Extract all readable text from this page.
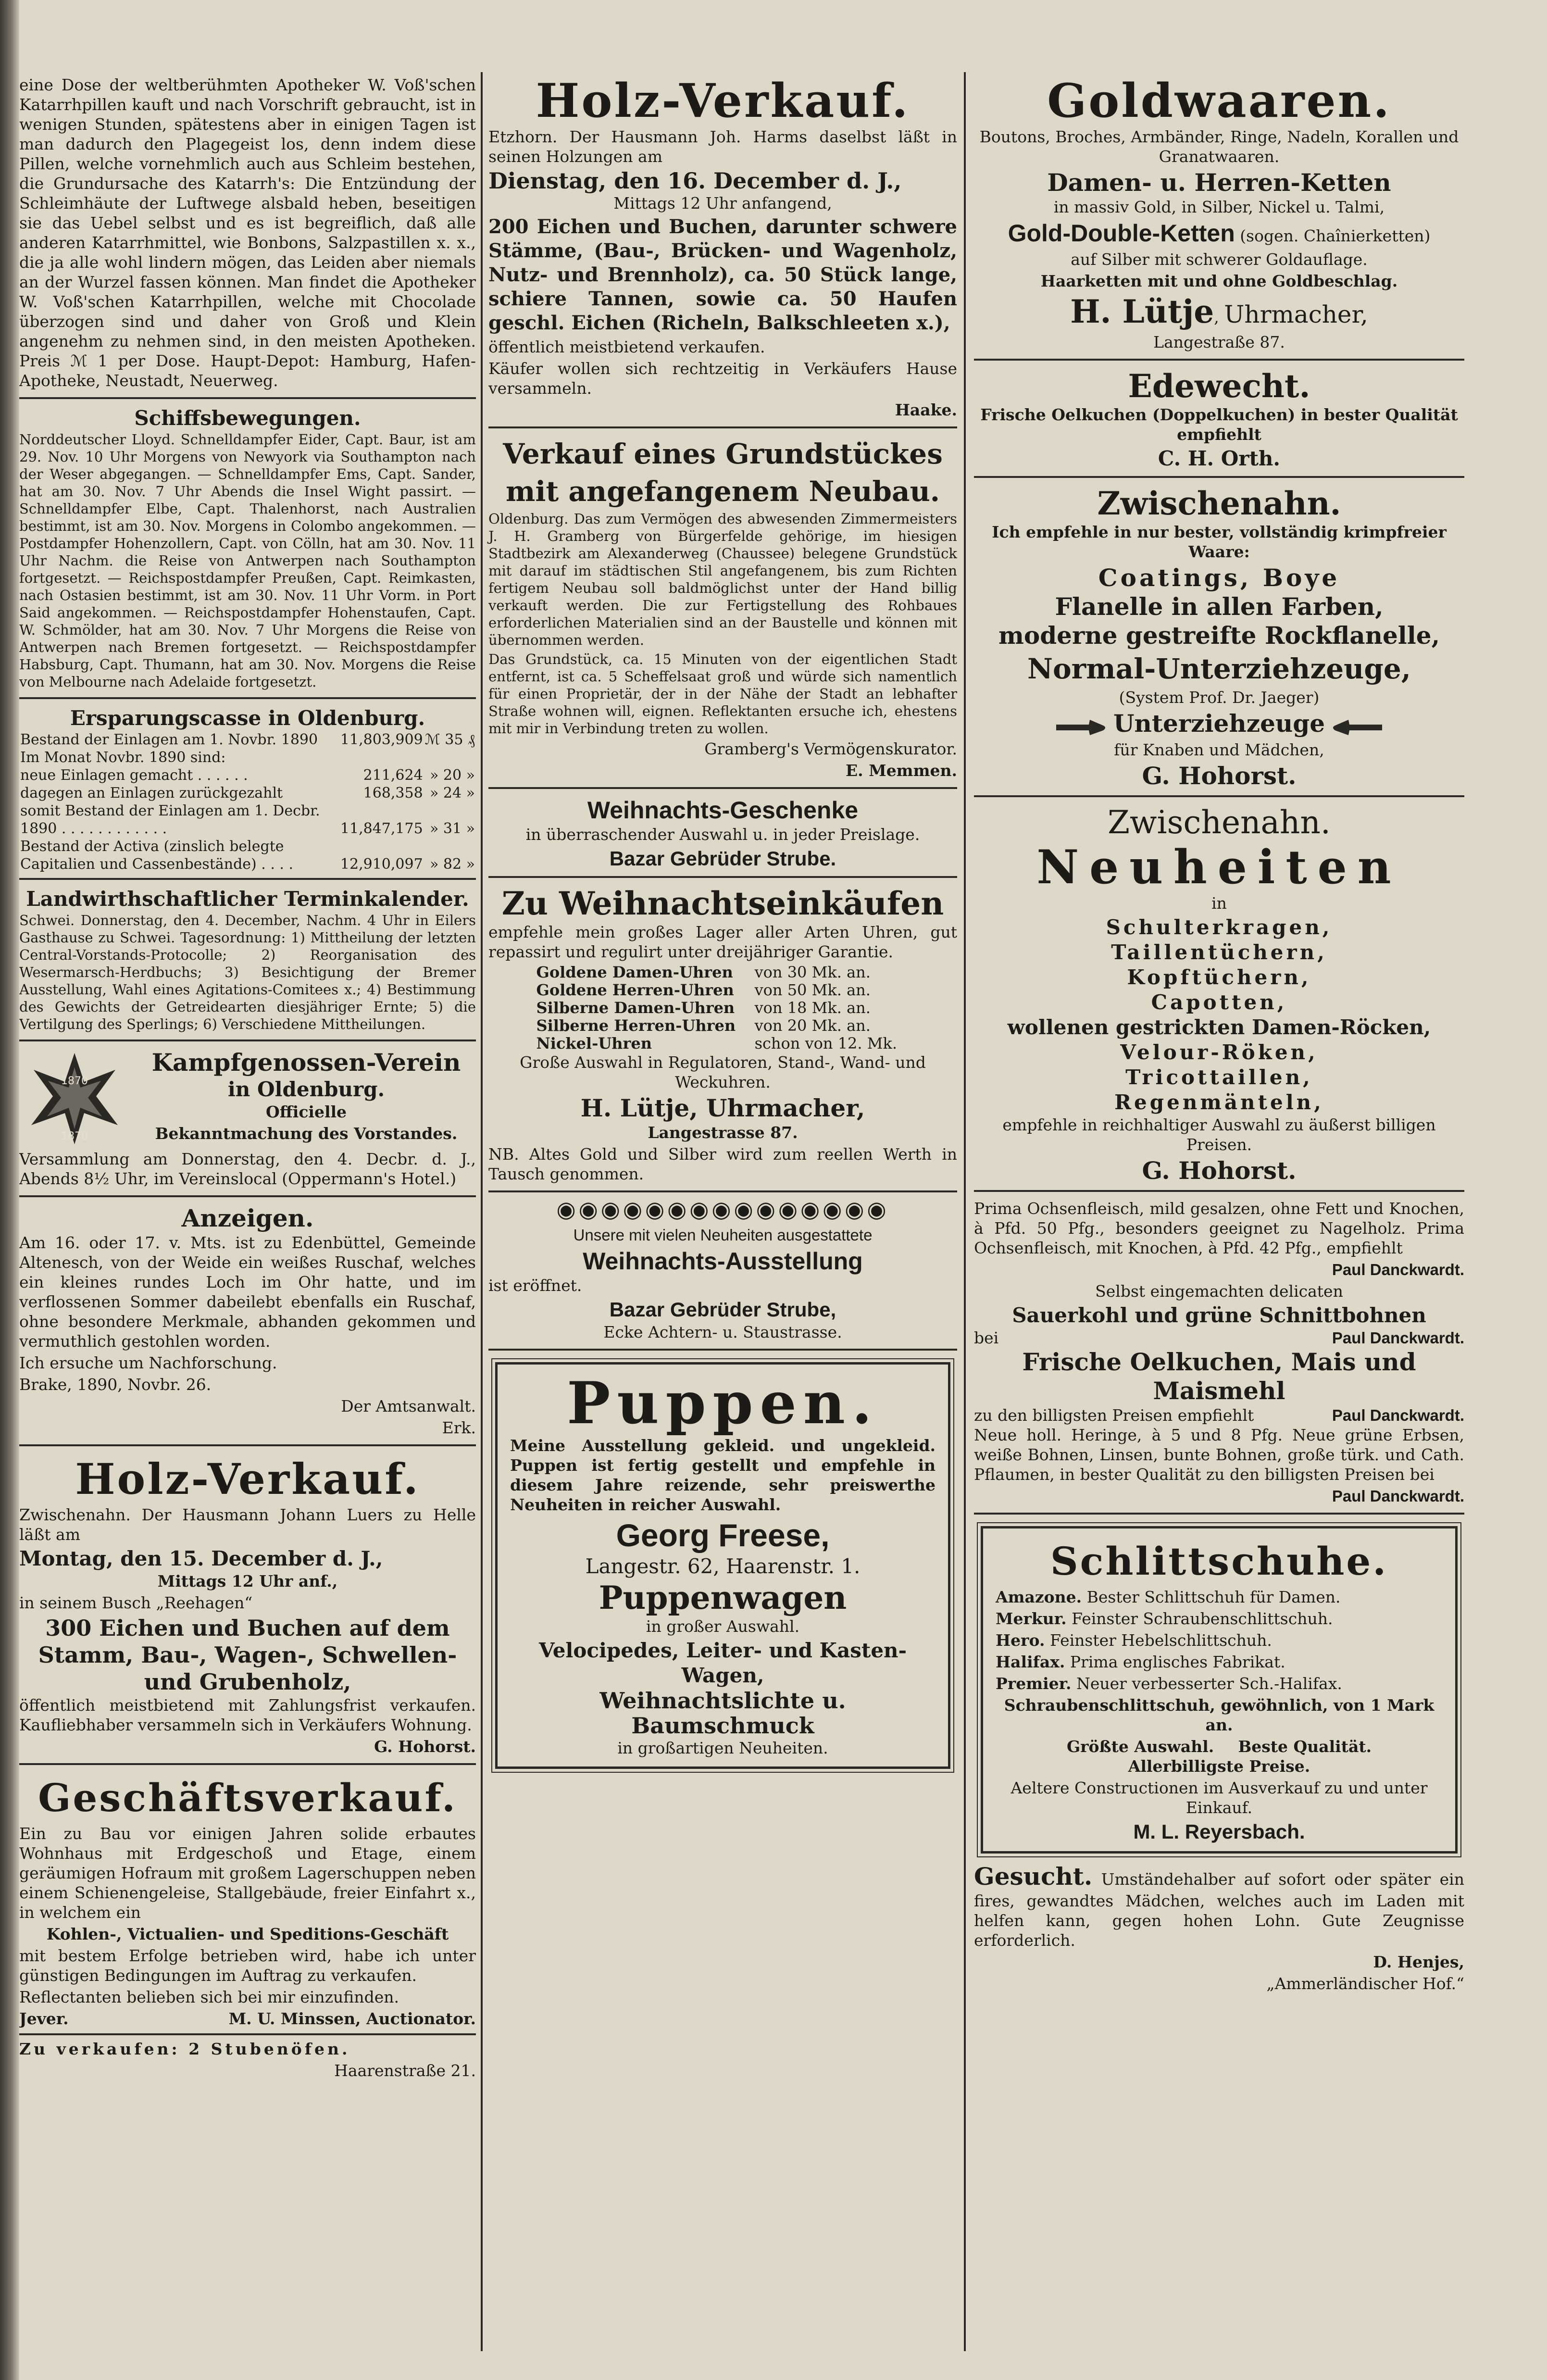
eine Dose der weltberühmten Apotheker W. Voß'schen Katarrhpillen kauft und nach Vorschrift gebraucht, ist in wenigen Stunden, spätestens aber in einigen Tagen ist man dadurch den Plagegeist los, denn indem diese Pillen, welche vornehmlich auch aus Schleim bestehen, die Grundursache des Katarrh's: Die Entzündung der Schleimhäute der Luftwege alsbald heben, beseitigen sie das Uebel selbst und es ist begreiflich, daß alle anderen Katarrhmittel, wie Bonbons, Salzpastillen x. x., die ja alle wohl lindern mögen, das Leiden aber niemals an der Wurzel fassen können. Man findet die Apotheker W. Voß'schen Katarrhpillen, welche mit Chocolade überzogen sind und daher von Groß und Klein angenehm zu nehmen sind, in den meisten Apotheken. Preis ℳ 1 per Dose. Haupt-Depot: Hamburg, Hafen-Apotheke, Neustadt, Neuerweg.

Schiffsbewegungen.

Norddeutscher Lloyd. Schnelldampfer Eider, Capt. Baur, ist am 29. Nov. 10 Uhr Morgens von Newyork via Southampton nach der Weser abgegangen. — Schnelldampfer Ems, Capt. Sander, hat am 30. Nov. 7 Uhr Abends die Insel Wight passirt. — Schnelldampfer Elbe, Capt. Thalenhorst, nach Australien bestimmt, ist am 30. Nov. Morgens in Colombo angekommen. — Postdampfer Hohenzollern, Capt. von Cölln, hat am 30. Nov. 11 Uhr Nachm. die Reise von Antwerpen nach Southampton fortgesetzt. — Reichspostdampfer Preußen, Capt. Reimkasten, nach Ostasien bestimmt, ist am 30. Nov. 11 Uhr Vorm. in Port Said angekommen. — Reichspostdampfer Hohenstaufen, Capt. W. Schmölder, hat am 30. Nov. 7 Uhr Morgens die Reise von Antwerpen nach Bremen fortgesetzt. — Reichspostdampfer Habsburg, Capt. Thumann, hat am 30. Nov. Morgens die Reise von Melbourne nach Adelaide fortgesetzt.

Ersparungscasse in Oldenburg.

Bestand der Einlagen am 1. Novbr. 1890	11,803,909	ℳ 35 ₰
Im Monat Novbr. 1890 sind:		
neue Einlagen gemacht . . . . . .	211,624	» 20 »
dagegen an Einlagen zurückgezahlt	168,358	» 24 »
somit Bestand der Einlagen am 1. Decbr. 1890 . . . . . . . . . . . .	11,847,175	» 31 »
Bestand der Activa (zinslich belegte Capitalien und Cassenbestände) . . . .	12,910,097	» 82 »

Landwirthschaftlicher Terminkalender.

Schwei. Donnerstag, den 4. December, Nachm. 4 Uhr in Eilers Gasthause zu Schwei. Tagesordnung: 1) Mittheilung der letzten Central-Vorstands-Protocolle; 2) Reorganisation des Wesermarsch-Herdbuchs; 3) Besichtigung der Bremer Ausstellung, Wahl eines Agitations-Comitees x.; 4) Bestimmung des Gewichts der Getreidearten diesjähriger Ernte; 5) die Vertilgung des Sperlings; 6) Verschiedene Mittheilungen.

1870
1870

Kampfgenossen-Verein

in Oldenburg.

Officielle

Bekanntmachung des Vorstandes.

Versammlung am Donnerstag, den 4. Decbr. d. J., Abends 8½ Uhr, im Vereinslocal (Oppermann's Hotel.)

Anzeigen.

Am 16. oder 17. v. Mts. ist zu Edenbüttel, Gemeinde Altenesch, von der Weide ein weißes Ruschaf, welches ein kleines rundes Loch im Ohr hatte, und im verflossenen Sommer dabeilebt ebenfalls ein Ruschaf, ohne besondere Merkmale, abhanden gekommen und vermuthlich gestohlen worden.

Ich ersuche um Nachforschung.

Brake, 1890, Novbr. 26.

Der Amtsanwalt.

Erk.

Holz-Verkauf.

Zwischenahn. Der Hausmann Johann Luers zu Helle läßt am

Montag, den 15. December d. J.,

Mittags 12 Uhr anf.,

in seinem Busch „Reehagen“

300 Eichen und Buchen auf dem Stamm, Bau-, Wagen-, Schwellen- und Grubenholz,

öffentlich meistbietend mit Zahlungsfrist verkaufen. Kaufliebhaber versammeln sich in Verkäufers Wohnung.

G. Hohorst.

Geschäftsverkauf.

Ein zu Bau vor einigen Jahren solide erbautes Wohnhaus mit Erdgeschoß und Etage, einem geräumigen Hofraum mit großem Lagerschuppen neben einem Schienengeleise, Stallgebäude, freier Einfahrt x., in welchem ein

Kohlen-, Victualien- und Speditions-Geschäft

mit bestem Erfolge betrieben wird, habe ich unter günstigen Bedingungen im Auftrag zu verkaufen.

Reflectanten belieben sich bei mir einzufinden.

Jever.	M. U. Minssen, Auctionator.

Zu verkaufen: 2 Stubenöfen.

Haarenstraße 21.

Holz-Verkauf.

Etzhorn. Der Hausmann Joh. Harms daselbst läßt in seinen Holzungen am

Dienstag, den 16. December d. J.,

Mittags 12 Uhr anfangend,

200 Eichen und Buchen, darunter schwere Stämme, (Bau-, Brücken- und Wagenholz, Nutz- und Brennholz), ca. 50 Stück lange, schiere Tannen, sowie ca. 50 Haufen geschl. Eichen (Richeln, Balkschleeten x.),

öffentlich meistbietend verkaufen.

Käufer wollen sich rechtzeitig in Verkäufers Hause versammeln.

Haake.

Verkauf eines Grundstückes

mit angefangenem Neubau.

Oldenburg. Das zum Vermögen des abwesenden Zimmermeisters J. H. Gramberg von Bürgerfelde gehörige, im hiesigen Stadtbezirk am Alexanderweg (Chaussee) belegene Grundstück mit darauf im städtischen Stil angefangenem, bis zum Richten fertigem Neubau soll baldmöglichst unter der Hand billig verkauft werden. Die zur Fertigstellung des Rohbaues erforderlichen Materialien sind an der Baustelle und können mit übernommen werden.

Das Grundstück, ca. 15 Minuten von der eigentlichen Stadt entfernt, ist ca. 5 Scheffelsaat groß und würde sich namentlich für einen Proprietär, der in der Nähe der Stadt an lebhafter Straße wohnen will, eignen. Reflektanten ersuche ich, ehestens mit mir in Verbindung treten zu wollen.

Gramberg's Vermögenskurator.

E. Memmen.

Weihnachts-Geschenke

in überraschender Auswahl u. in jeder Preislage.

Bazar Gebrüder Strube.

Zu Weihnachtseinkäufen

empfehle mein großes Lager aller Arten Uhren, gut repassirt und regulirt unter dreijähriger Garantie.

Goldene Damen-Uhren	von 30 Mk. an.
Goldene Herren-Uhren	von 50 Mk. an.
Silberne Damen-Uhren	von 18 Mk. an.
Silberne Herren-Uhren	von 20 Mk. an.
Nickel-Uhren	schon von 12. Mk.

Große Auswahl in Regulatoren, Stand-, Wand- und Weckuhren.

H. Lütje, Uhrmacher,

Langestrasse 87.

NB. Altes Gold und Silber wird zum reellen Werth in Tausch genommen.

◉◉◉◉◉◉◉◉◉◉◉◉◉◉◉

Unsere mit vielen Neuheiten ausgestattete

Weihnachts-Ausstellung

ist eröffnet.

Bazar Gebrüder Strube,

Ecke Achtern- u. Staustrasse.

Puppen.

Meine Ausstellung gekleid. und ungekleid. Puppen ist fertig gestellt und empfehle in diesem Jahre reizende, sehr preiswerthe Neuheiten in reicher Auswahl.

Georg Freese,

Langestr. 62, Haarenstr. 1.

Puppenwagen

in großer Auswahl.

Velocipedes, Leiter- und Kasten-Wagen,

Weihnachtslichte u. Baumschmuck

in großartigen Neuheiten.

Goldwaaren.

Boutons, Broches, Armbänder, Ringe, Nadeln, Korallen und Granatwaaren.

Damen- u. Herren-Ketten

in massiv Gold, in Silber, Nickel u. Talmi,

Gold-Double-Ketten (sogen. Chaînierketten)

auf Silber mit schwerer Goldauflage.

Haarketten mit und ohne Goldbeschlag.

H. Lütje, Uhrmacher,

Langestraße 87.

Edewecht.

Frische Oelkuchen (Doppelkuchen) in bester Qualität empfiehlt

C. H. Orth.

Zwischenahn.

Ich empfehle in nur bester, vollständig krimpfreier Waare:

Coatings, Boye

Flanelle in allen Farben,

moderne gestreifte Rockflanelle,

Normal-Unterziehzeuge,

(System Prof. Dr. Jaeger)

Unterziehzeuge

für Knaben und Mädchen,

G. Hohorst.

Zwischenahn.

Neuheiten

in

Schulterkragen,

Taillentüchern,

Kopftüchern,

Capotten,

wollenen gestrickten Damen-Röcken,

Velour-Röken,

Tricottaillen,

Regenmänteln,

empfehle in reichhaltiger Auswahl zu äußerst billigen Preisen.

G. Hohorst.

Prima Ochsenfleisch, mild gesalzen, ohne Fett und Knochen, à Pfd. 50 Pfg., besonders geeignet zu Nagelholz. Prima Ochsenfleisch, mit Knochen, à Pfd. 42 Pfg., empfiehlt

Paul Danckwardt.

Selbst eingemachten delicaten

Sauerkohl und grüne Schnittbohnen

bei	Paul Danckwardt.

Frische Oelkuchen, Mais und Maismehl

zu den billigsten Preisen empfiehlt	Paul Danckwardt.

Neue holl. Heringe, à 5 und 8 Pfg. Neue grüne Erbsen, weiße Bohnen, Linsen, bunte Bohnen, große türk. und Cath. Pflaumen, in bester Qualität zu den billigsten Preisen bei

Paul Danckwardt.

Schlittschuhe.

Amazone. Bester Schlittschuh für Damen.

Merkur. Feinster Schraubenschlittschuh.

Hero. Feinster Hebelschlittschuh.

Halifax. Prima englisches Fabrikat.

Premier. Neuer verbesserter Sch.-Halifax.

Schraubenschlittschuh, gewöhnlich, von 1 Mark an.

Größte Auswahl. Beste Qualität.

Allerbilligste Preise.

Aeltere Constructionen im Ausverkauf zu und unter Einkauf.

M. L. Reyersbach.

Gesucht. Umständehalber auf sofort oder später ein fires, gewandtes Mädchen, welches auch im Laden mit helfen kann, gegen hohen Lohn. Gute Zeugnisse erforderlich.

D. Henjes,

„Ammerländischer Hof.“
